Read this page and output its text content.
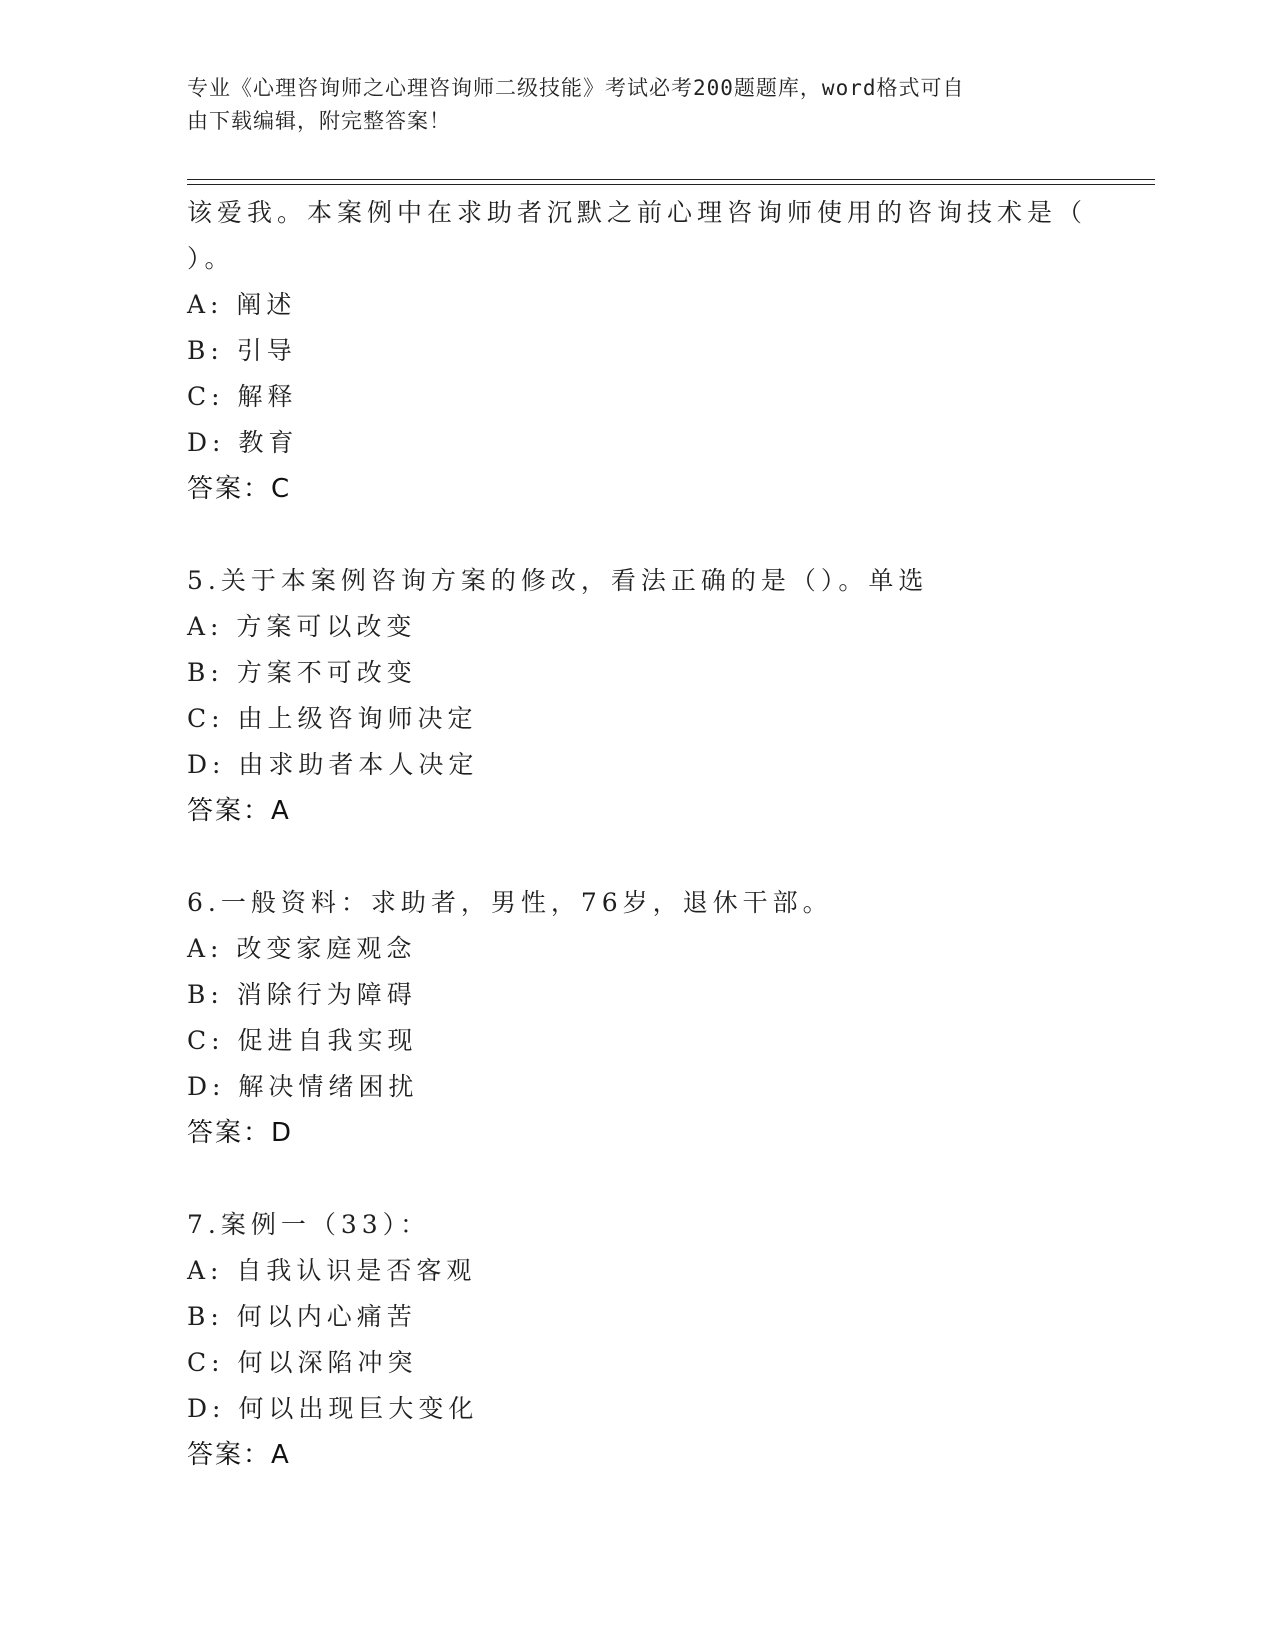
专业《心理咨询师之心理咨询师二级技能》考试必考200题题库，word格式可自
由下载编辑，附完整答案！
该爱我。本案例中在求助者沉默之前心理咨询师使用的咨询技术是（
）。
A: 阐述
B: 引导
C: 解释
D: 教育
答案：C
5.关于本案例咨询方案的修改，看法正确的是（）。单选
A: 方案可以改变
B: 方案不可改变
C: 由上级咨询师决定
D: 由求助者本人决定
答案：A
6.一般资料：求助者，男性，76岁，退休干部。
A: 改变家庭观念
B: 消除行为障碍
C: 促进自我实现
D: 解决情绪困扰
答案：D
7.案例一（33）：
A: 自我认识是否客观
B: 何以内心痛苦
C: 何以深陷冲突
D: 何以出现巨大变化
答案：A
